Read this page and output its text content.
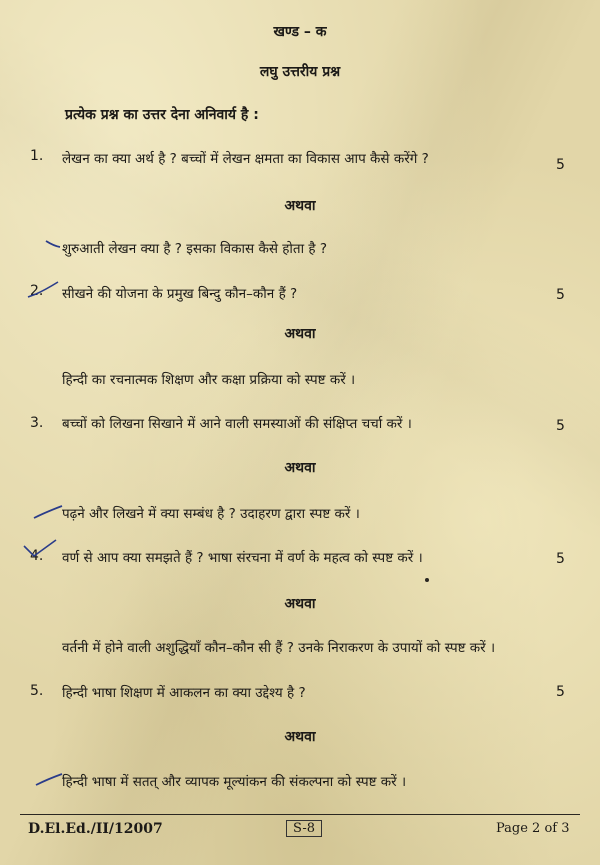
खण्ड – क
लघु उत्तरीय प्रश्न
प्रत्येक प्रश्न का उत्तर देना अनिवार्य है :
1. लेखन का क्या अर्थ है ? बच्चों में लेखन क्षमता का विकास आप कैसे करेंगे ?	5
अथवा
शुरुआती लेखन क्या है ? इसका विकास कैसे होता है ?
2. सीखने की योजना के प्रमुख बिन्दु कौन–कौन हैं ?	5
अथवा
हिन्दी का रचनात्मक शिक्षण और कक्षा प्रक्रिया को स्पष्ट करें ।
3. बच्चों को लिखना सिखाने में आने वाली समस्याओं की संक्षिप्त चर्चा करें ।	5
अथवा
पढ़ने और लिखने में क्या सम्बंध है ? उदाहरण द्वारा स्पष्ट करें ।
4. वर्ण से आप क्या समझते हैं ? भाषा संरचना में वर्ण के महत्व को स्पष्ट करें ।	5
अथवा
वर्तनी में होने वाली अशुद्धियाँ कौन–कौन सी हैं ? उनके निराकरण के उपायों को स्पष्ट करें ।
5. हिन्दी भाषा शिक्षण में आकलन का क्या उद्देश्य है ?	5
अथवा
हिन्दी भाषा में सतत् और व्यापक मूल्यांकन की संकल्पना को स्पष्ट करें ।
D.El.Ed./II/12007	S-8	Page 2 of 3
